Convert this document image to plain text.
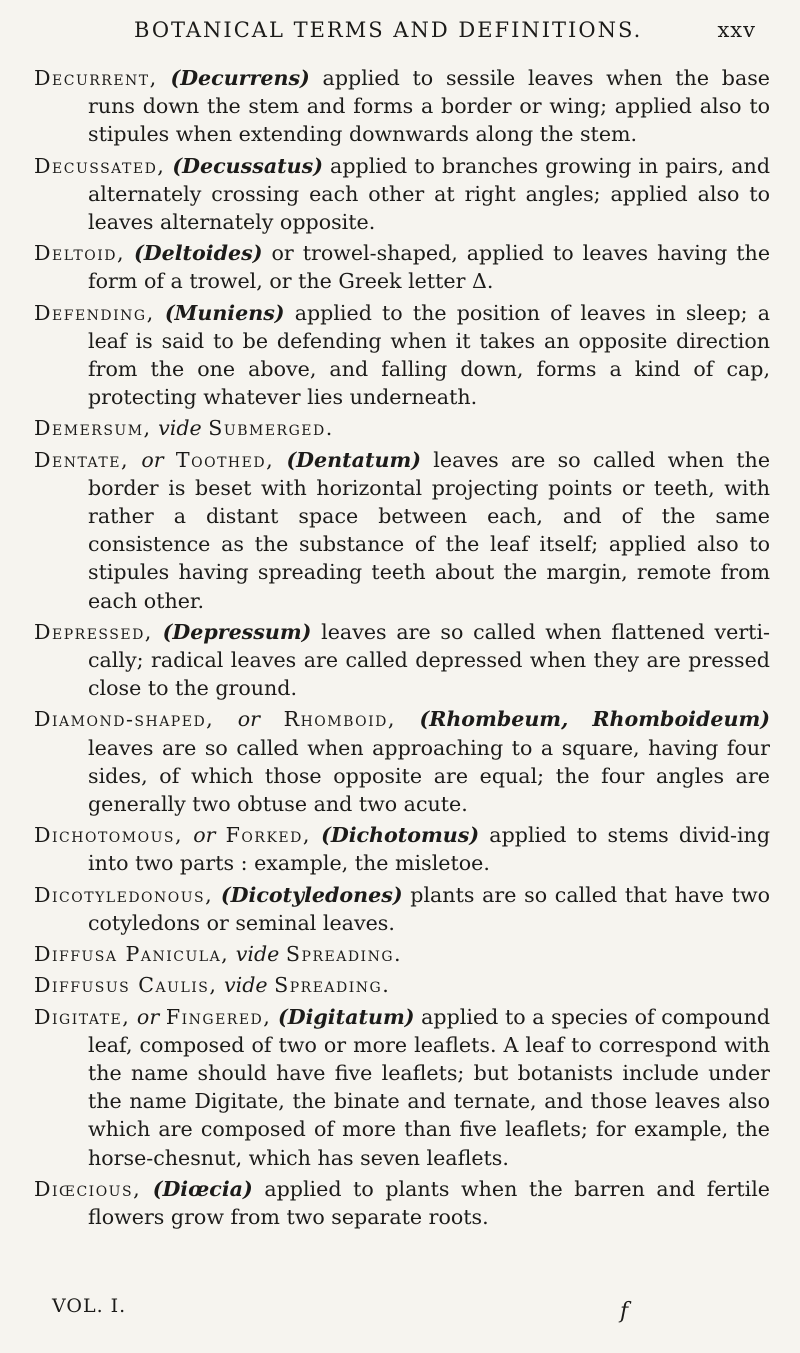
BOTANICAL TERMS AND DEFINITIONS.	xxv

Decurrent, (Decurrens) applied to sessile leaves when the base runs down the stem and forms a border or wing; applied also to stipules when extending downwards along the stem.

Decussated, (Decussatus) applied to branches growing in pairs, and alternately crossing each other at right angles; applied also to leaves alternately opposite.

Deltoid, (Deltoides) or trowel-shaped, applied to leaves having the form of a trowel, or the Greek letter Δ.

Defending, (Muniens) applied to the position of leaves in sleep; a leaf is said to be defending when it takes an opposite direction from the one above, and falling down, forms a kind of cap, protecting whatever lies underneath.

Demersum, vide Submerged.

Dentate, or Toothed, (Dentatum) leaves are so called when the border is beset with horizontal projecting points or teeth, with rather a distant space between each, and of the same consistence as the substance of the leaf itself; applied also to stipules having spreading teeth about the margin, remote from each other.

Depressed, (Depressum) leaves are so called when flattened verti-cally; radical leaves are called depressed when they are pressed close to the ground.

Diamond-shaped, or Rhomboid, (Rhombeum, Rhomboideum) leaves are so called when approaching to a square, having four sides, of which those opposite are equal; the four angles are generally two obtuse and two acute.

Dichotomous, or Forked, (Dichotomus) applied to stems divid-ing into two parts : example, the misletoe.

Dicotyledonous, (Dicotyledones) plants are so called that have two cotyledons or seminal leaves.

Diffusa Panicula, vide Spreading.

Diffusus Caulis, vide Spreading.

Digitate, or Fingered, (Digitatum) applied to a species of compound leaf, composed of two or more leaflets. A leaf to correspond with the name should have five leaflets; but botanists include under the name Digitate, the binate and ternate, and those leaves also which are composed of more than five leaflets; for example, the horse-chesnut, which has seven leaflets.

Diœcious, (Diœcia) applied to plants when the barren and fertile flowers grow from two separate roots.

VOL. I.	f
